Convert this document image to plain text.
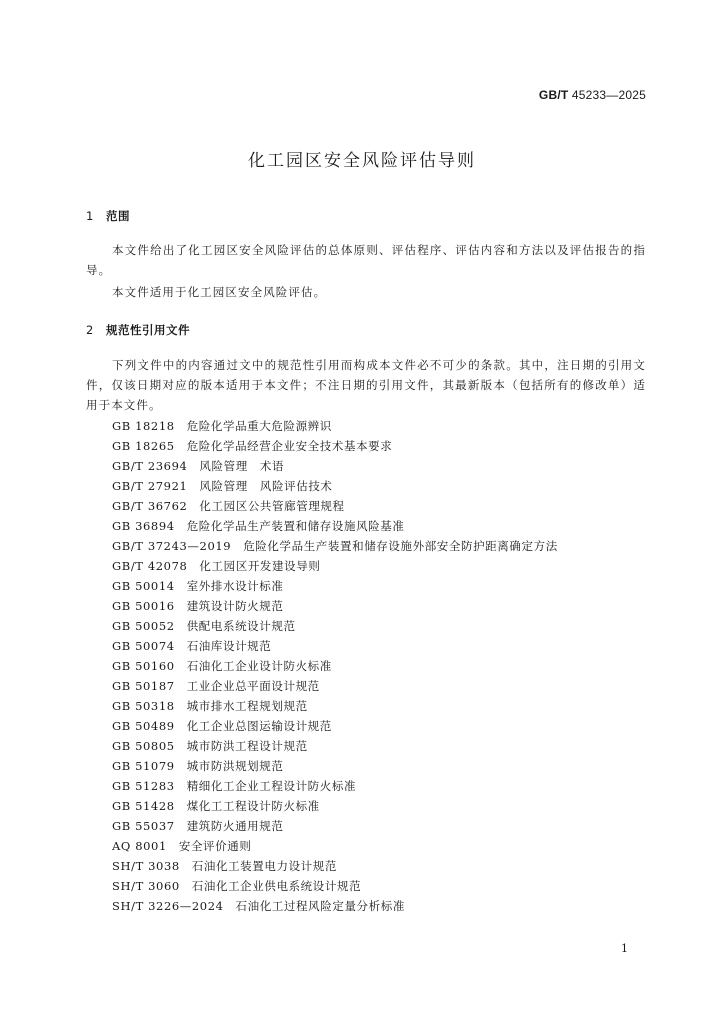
GB/T 45233—2025
化工园区安全风险评估导则
1 范围

本文件给出了化工园区安全风险评估的总体原则、评估程序、评估内容和方法以及评估报告的指导。

本文件适用于化工园区安全风险评估。

2 规范性引用文件

下列文件中的内容通过文中的规范性引用而构成本文件必不可少的条款。其中，注日期的引用文件，仅该日期对应的版本适用于本文件；不注日期的引用文件，其最新版本（包括所有的修改单）适用于本文件。

GB 18218 危险化学品重大危险源辨识
GB 18265 危险化学品经营企业安全技术基本要求
GB/T 23694 风险管理　术语
GB/T 27921 风险管理　风险评估技术
GB/T 36762 化工园区公共管廊管理规程
GB 36894 危险化学品生产装置和储存设施风险基准
GB/T 37243—2019 危险化学品生产装置和储存设施外部安全防护距离确定方法
GB/T 42078 化工园区开发建设导则
GB 50014 室外排水设计标准
GB 50016 建筑设计防火规范
GB 50052 供配电系统设计规范
GB 50074 石油库设计规范
GB 50160 石油化工企业设计防火标准
GB 50187 工业企业总平面设计规范
GB 50318 城市排水工程规划规范
GB 50489 化工企业总图运输设计规范
GB 50805 城市防洪工程设计规范
GB 51079 城市防洪规划规范
GB 51283 精细化工企业工程设计防火标准
GB 51428 煤化工工程设计防火标准
GB 55037 建筑防火通用规范
AQ 8001 安全评价通则
SH/T 3038 石油化工装置电力设计规范
SH/T 3060 石油化工企业供电系统设计规范
SH/T 3226—2024 石油化工过程风险定量分析标准
1
